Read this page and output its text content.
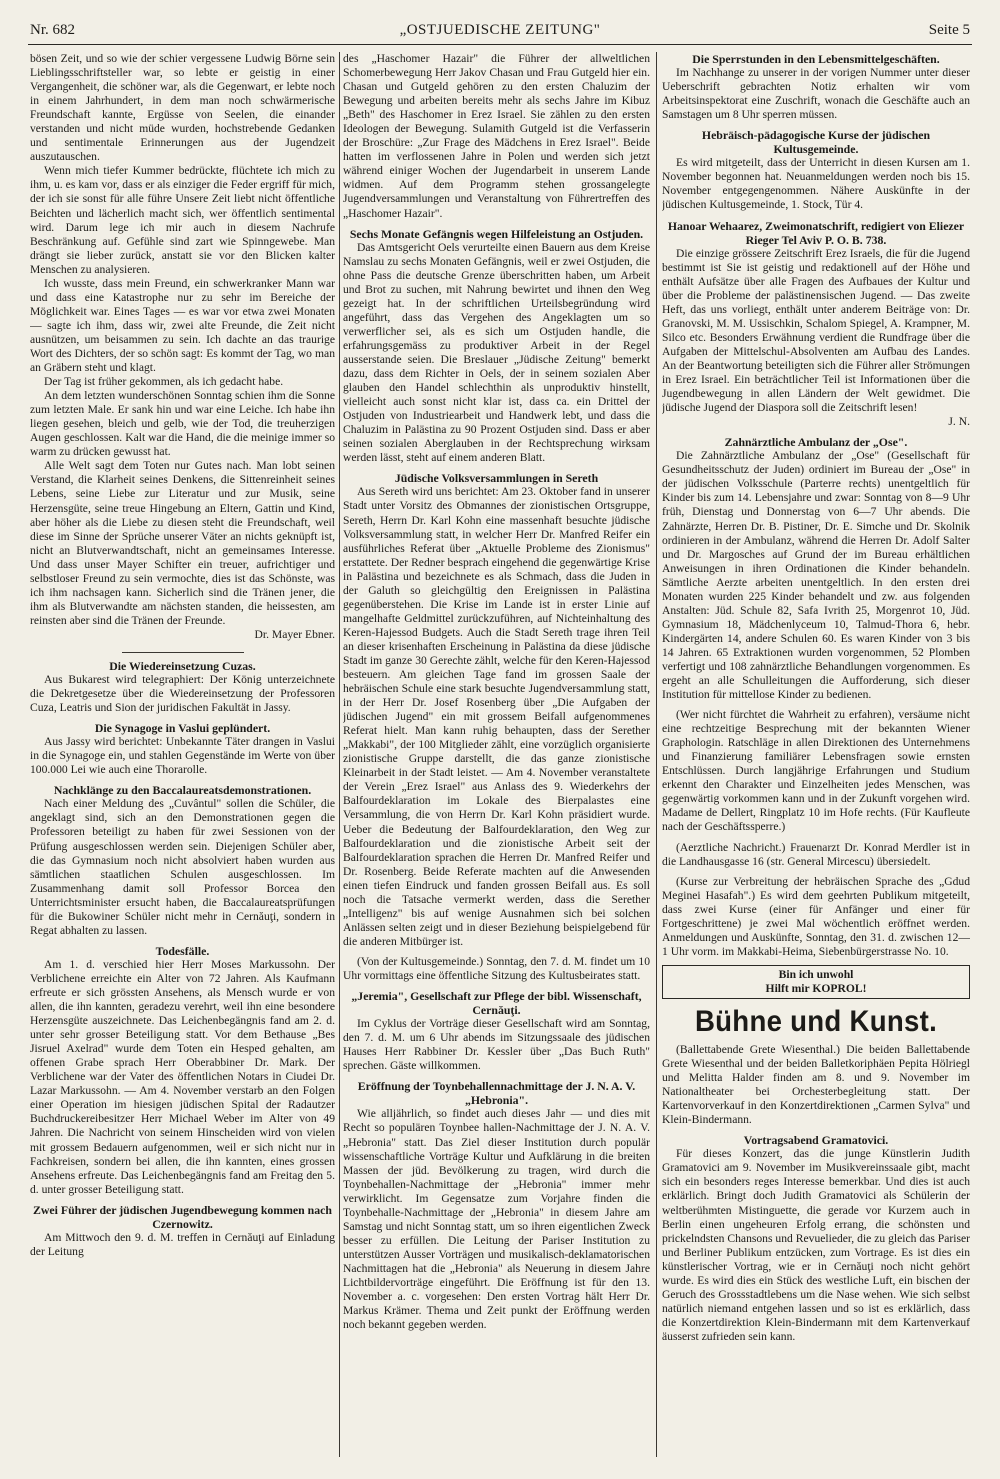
Nr. 682	„OSTJUEDISCHE ZEITUNG"	Seite 5

bösen Zeit, und so wie der schier vergessene Ludwig Börne sein Lieblingsschriftsteller war, so lebte er geistig in einer Vergangenheit, die schöner war, als die Gegenwart, er lebte noch in einem Jahrhundert, in dem man noch schwärmerische Freundschaft kannte, Ergüsse von Seelen, die einander verstanden und nicht müde wurden, hochstrebende Gedanken und sentimentale Erinnerungen aus der Jugendzeit auszutauschen.

Wenn mich tiefer Kummer bedrückte, flüchtete ich mich zu ihm, u. es kam vor, dass er als einziger die Feder ergriff für mich, der ich sie sonst für alle führe Unsere Zeit liebt nicht öffentliche Beichten und lächerlich macht sich, wer öffentlich sentimental wird. Darum lege ich mir auch in diesem Nachrufe Beschränkung auf. Gefühle sind zart wie Spinngewebe. Man drängt sie lieber zurück, anstatt sie vor den Blicken kalter Menschen zu analysieren.

Ich wusste, dass mein Freund, ein schwerkranker Mann war und dass eine Katastrophe nur zu sehr im Bereiche der Möglichkeit war. Eines Tages — es war vor etwa zwei Monaten — sagte ich ihm, dass wir, zwei alte Freunde, die Zeit nicht ausnützen, um beisammen zu sein. Ich dachte an das traurige Wort des Dichters, der so schön sagt: Es kommt der Tag, wo man an Gräbern steht und klagt.

Der Tag ist früher gekommen, als ich gedacht habe.

An dem letzten wunderschönen Sonntag schien ihm die Sonne zum letzten Male. Er sank hin und war eine Leiche. Ich habe ihn liegen gesehen, bleich und gelb, wie der Tod, die treuherzigen Augen geschlossen. Kalt war die Hand, die die meinige immer so warm zu drücken gewusst hat.

Alle Welt sagt dem Toten nur Gutes nach. Man lobt seinen Verstand, die Klarheit seines Denkens, die Sittenreinheit seines Lebens, seine Liebe zur Literatur und zur Musik, seine Herzensgüte, seine treue Hingebung an Eltern, Gattin und Kind, aber höher als die Liebe zu diesen steht die Freundschaft, weil diese im Sinne der Sprüche unserer Väter an nichts geknüpft ist, nicht an Blutverwandtschaft, nicht an gemeinsames Interesse. Und dass unser Mayer Schifter ein treuer, aufrichtiger und selbstloser Freund zu sein vermochte, dies ist das Schönste, was ich ihm nachsagen kann. Sicherlich sind die Tränen jener, die ihm als Blutverwandte am nächsten standen, die heissesten, am reinsten aber sind die Tränen der Freunde.

Dr. Mayer Ebner.

Die Wiedereinsetzung Cuzas.

Aus Bukarest wird telegraphiert: Der König unterzeichnete die Dekretgesetze über die Wiedereinsetzung der Professoren Cuza, Leatris und Sion der juridischen Fakultät in Jassy.

Die Synagoge in Vaslui geplündert.

Aus Jassy wird berichtet: Unbekannte Täter drangen in Vaslui in die Synagoge ein, und stahlen Gegenstände im Werte von über 100.000 Lei wie auch eine Thorarolle.

Nachklänge zu den Baccalaureatsdemonstrationen.

Nach einer Meldung des „Cuvântul" sollen die Schüler, die angeklagt sind, sich an den Demonstrationen gegen die Professoren beteiligt zu haben für zwei Sessionen von der Prüfung ausgeschlossen werden sein. Diejenigen Schüler aber, die das Gymnasium noch nicht absolviert haben wurden aus sämtlichen staatlichen Schulen ausgeschlossen. Im Zusammenhang damit soll Professor Borcea den Unterrichtsminister ersucht haben, die Baccalaureatsprüfungen für die Bukowiner Schüler nicht mehr in Cernăuţi, sondern in Regat abhalten zu lassen.

Todesfälle.

Am 1. d. verschied hier Herr Moses Markussohn. Der Verblichene erreichte ein Alter von 72 Jahren. Als Kaufmann erfreute er sich grössten Ansehens, als Mensch wurde er von allen, die ihn kannten, geradezu verehrt, weil ihn eine besondere Herzensgüte auszeichnete. Das Leichenbegängnis fand am 2. d. unter sehr grosser Beteiligung statt. Vor dem Bethause „Bes Jisruel Axelrad" wurde dem Toten ein Hesped gehalten, am offenen Grabe sprach Herr Oberabbiner Dr. Mark. Der Verblichene war der Vater des öffentlichen Notars in Ciudei Dr. Lazar Markussohn. — Am 4. November verstarb an den Folgen einer Operation im hiesigen jüdischen Spital der Radautzer Buchdruckereibesitzer Herr Michael Weber im Alter von 49 Jahren. Die Nachricht von seinem Hinscheiden wird von vielen mit grossem Bedauern aufgenommen, weil er sich nicht nur in Fachkreisen, sondern bei allen, die ihn kannten, eines grossen Ansehens erfreute. Das Leichenbegängnis fand am Freitag den 5. d. unter grosser Beteiligung statt.

Zwei Führer der jüdischen Jugendbewegung kommen nach Czernowitz.

Am Mittwoch den 9. d. M. treffen in Cernăuţi auf Einladung der Leitung

des „Haschomer Hazair" die Führer der allweltlichen Schomerbewegung Herr Jakov Chasan und Frau Gutgeld hier ein. Chasan und Gutgeld gehören zu den ersten Chaluzim der Bewegung und arbeiten bereits mehr als sechs Jahre im Kibuz „Beth" des Haschomer in Erez Israel. Sie zählen zu den ersten Ideologen der Bewegung. Sulamith Gutgeld ist die Verfasserin der Broschüre: „Zur Frage des Mädchens in Erez Israel". Beide hatten im verflossenen Jahre in Polen und werden sich jetzt während einiger Wochen der Jugendarbeit in unserem Lande widmen. Auf dem Programm stehen grossangelegte Jugendversammlungen und Veranstaltung von Führertreffen des „Haschomer Hazair".

Sechs Monate Gefängnis wegen Hilfeleistung an Ostjuden.

Das Amtsgericht Oels verurteilte einen Bauern aus dem Kreise Namslau zu sechs Monaten Gefängnis, weil er zwei Ostjuden, die ohne Pass die deutsche Grenze überschritten haben, um Arbeit und Brot zu suchen, mit Nahrung bewirtet und ihnen den Weg gezeigt hat. In der schriftlichen Urteilsbegründung wird angeführt, dass das Vergehen des Angeklagten um so verwerflicher sei, als es sich um Ostjuden handle, die erfahrungsgemäss zu produktiver Arbeit in der Regel ausserstande seien. Die Breslauer „Jüdische Zeitung" bemerkt dazu, dass dem Richter in Oels, der in seinem sozialen Aber glauben den Handel schlechthin als unproduktiv hinstellt, vielleicht auch sonst nicht klar ist, dass ca. ein Drittel der Ostjuden von Industriearbeit und Handwerk lebt, und dass die Chaluzim in Palästina zu 90 Prozent Ostjuden sind. Dass er aber seinen sozialen Aberglauben in der Rechtsprechung wirksam werden lässt, steht auf einem anderen Blatt.

Jüdische Volksversammlungen in Sereth

Aus Sereth wird uns berichtet: Am 23. Oktober fand in unserer Stadt unter Vorsitz des Obmannes der zionistischen Ortsgruppe, Sereth, Herrn Dr. Karl Kohn eine massenhaft besuchte jüdische Volksversammlung statt, in welcher Herr Dr. Manfred Reifer ein ausführliches Referat über „Aktuelle Probleme des Zionismus" erstattete. Der Redner besprach eingehend die gegenwärtige Krise in Palästina und bezeichnete es als Schmach, dass die Juden in der Galuth so gleichgültig den Ereignissen in Palästina gegenüberstehen. Die Krise im Lande ist in erster Linie auf mangelhafte Geldmittel zurückzuführen, auf Nichteinhaltung des Keren-Hajessod Budgets. Auch die Stadt Sereth trage ihren Teil an dieser krisenhaften Erscheinung in Palästina da diese jüdische Stadt im ganze 30 Gerechte zählt, welche für den Keren-Hajessod besteuern. Am gleichen Tage fand im grossen Saale der hebräischen Schule eine stark besuchte Jugendversammlung statt, in der Herr Dr. Josef Rosenberg über „Die Aufgaben der jüdischen Jugend" ein mit grossem Beifall aufgenommenes Referat hielt. Man kann ruhig behaupten, dass der Serether „Makkabi", der 100 Mitglieder zählt, eine vorzüglich organisierte zionistische Gruppe darstellt, die das ganze zionistische Kleinarbeit in der Stadt leistet. — Am 4. November veranstaltete der Verein „Erez Israel" aus Anlass des 9. Wiederkehrs der Balfourdeklaration im Lokale des Bierpalastes eine Versammlung, die von Herrn Dr. Karl Kohn präsidiert wurde. Ueber die Bedeutung der Balfourdeklaration, den Weg zur Balfourdeklaration und die zionistische Arbeit seit der Balfourdeklaration sprachen die Herren Dr. Manfred Reifer und Dr. Rosenberg. Beide Referate machten auf die Anwesenden einen tiefen Eindruck und fanden grossen Beifall aus. Es soll noch die Tatsache vermerkt werden, dass die Serether „Intelligenz" bis auf wenige Ausnahmen sich bei solchen Anlässen selten zeigt und in dieser Beziehung beispielgebend für die anderen Mitbürger ist.

(Von der Kultusgemeinde.) Sonntag, den 7. d. M. findet um 10 Uhr vormittags eine öffentliche Sitzung des Kultusbeirates statt.

„Jeremia", Gesellschaft zur Pflege der bibl. Wissenschaft, Cernăuţi.

Im Cyklus der Vorträge dieser Gesellschaft wird am Sonntag, den 7. d. M. um 6 Uhr abends im Sitzungssaale des jüdischen Hauses Herr Rabbiner Dr. Kessler über „Das Buch Ruth" sprechen. Gäste willkommen.

Eröffnung der Toynbehallennachmittage der J. N. A. V. „Hebronia".

Wie alljährlich, so findet auch dieses Jahr — und dies mit Recht so populären Toynbee hallen-Nachmittage der J. N. A. V. „Hebronia" statt. Das Ziel dieser Institution durch populär wissenschaftliche Vorträge Kultur und Aufklärung in die breiten Massen der jüd. Bevölkerung zu tragen, wird durch die Toynbehallen-Nachmittage der „Hebronia" immer mehr verwirklicht. Im Gegensatze zum Vorjahre finden die Toynbehalle-Nachmittage der „Hebronia" in diesem Jahre am Samstag und nicht Sonntag statt, um so ihren eigentlichen Zweck besser zu erfüllen. Die Leitung der Pariser Institution zu unterstützen Ausser Vorträgen und musikalisch-deklamatorischen Nachmittagen hat die „Hebronia" als Neuerung in diesem Jahre Lichtbildervorträge eingeführt. Die Eröffnung ist für den 13. November a. c. vorgesehen: Den ersten Vortrag hält Herr Dr. Markus Krämer. Thema und Zeit punkt der Eröffnung werden noch bekannt gegeben werden.

Die Sperrstunden in den Lebensmittelgeschäften.

Im Nachhange zu unserer in der vorigen Nummer unter dieser Ueberschrift gebrachten Notiz erhalten wir vom Arbeitsinspektorat eine Zuschrift, wonach die Geschäfte auch an Samstagen um 8 Uhr sperren müssen.

Hebräisch-pädagogische Kurse der jüdischen Kultusgemeinde.

Es wird mitgeteilt, dass der Unterricht in diesen Kursen am 1. November begonnen hat. Neuanmeldungen werden noch bis 15. November entgegengenommen. Nähere Auskünfte in der jüdischen Kultusgemeinde, 1. Stock, Tür 4.

Hanoar Wehaarez, Zweimonatschrift, redigiert von Eliezer Rieger Tel Aviv P. O. B. 738.

Die einzige grössere Zeitschrift Erez Israels, die für die Jugend bestimmt ist Sie ist geistig und redaktionell auf der Höhe und enthält Aufsätze über alle Fragen des Aufbaues der Kultur und über die Probleme der palästinensischen Jugend. — Das zweite Heft, das uns vorliegt, enthält unter anderem Beiträge von: Dr. Granovski, M. M. Ussischkin, Schalom Spiegel, A. Krampner, M. Silco etc. Besonders Erwähnung verdient die Rundfrage über die Aufgaben der Mittelschul-Absolventen am Aufbau des Landes. An der Beantwortung beteiligten sich die Führer aller Strömungen in Erez Israel. Ein beträchtlicher Teil ist Informationen über die Jugendbewegung in allen Ländern der Welt gewidmet. Die jüdische Jugend der Diaspora soll die Zeitschrift lesen!

J. N.

Zahnärztliche Ambulanz der „Ose".

Die Zahnärztliche Ambulanz der „Ose" (Gesellschaft für Gesundheitsschutz der Juden) ordiniert im Bureau der „Ose" in der jüdischen Volksschule (Parterre rechts) unentgeltlich für Kinder bis zum 14. Lebensjahre und zwar: Sonntag von 8—9 Uhr früh, Dienstag und Donnerstag von 6—7 Uhr abends. Die Zahnärzte, Herren Dr. B. Pistiner, Dr. E. Simche und Dr. Skolnik ordinieren in der Ambulanz, während die Herren Dr. Adolf Salter und Dr. Margosches auf Grund der im Bureau erhältlichen Anweisungen in ihren Ordinationen die Kinder behandeln. Sämtliche Aerzte arbeiten unentgeltlich. In den ersten drei Monaten wurden 225 Kinder behandelt und zw. aus folgenden Anstalten: Jüd. Schule 82, Safa Ivrith 25, Morgenrot 10, Jüd. Gymnasium 18, Mädchenlyceum 10, Talmud-Thora 6, hebr. Kindergärten 14, andere Schulen 60. Es waren Kinder von 3 bis 14 Jahren. 65 Extraktionen wurden vorgenommen, 52 Plomben verfertigt und 108 zahnärztliche Behandlungen vorgenommen. Es ergeht an alle Schulleitungen die Aufforderung, sich dieser Institution für mittellose Kinder zu bedienen.

(Wer nicht fürchtet die Wahrheit zu erfahren), versäume nicht eine rechtzeitige Besprechung mit der bekannten Wiener Graphologin. Ratschläge in allen Direktionen des Unternehmens und Finanzierung familiärer Lebensfragen sowie ernsten Entschlüssen. Durch langjährige Erfahrungen und Studium erkennt den Charakter und Einzelheiten jedes Menschen, was gegenwärtig vorkommen kann und in der Zukunft vorgehen wird. Madame de Dellert, Ringplatz 10 im Hofe rechts. (Für Kaufleute nach der Geschäftssperre.)

(Aerztliche Nachricht.) Frauenarzt Dr. Konrad Merdler ist in die Landhausgasse 16 (str. General Mircescu) übersiedelt.

(Kurse zur Verbreitung der hebräischen Sprache des „Gdud Meginei Hasafah".) Es wird dem geehrten Publikum mitgeteilt, dass zwei Kurse (einer für Anfänger und einer für Fortgeschrittene) je zwei Mal wöchentlich eröffnet werden. Anmeldungen und Auskünfte, Sonntag, den 31. d. zwischen 12—1 Uhr vorm. im Makkabi-Heima, Siebenbürgerstrasse No. 10.

Bin ich unwohl

Hilft mir KOPROL!

Bühne und Kunst.

(Ballettabende Grete Wiesenthal.) Die beiden Ballettabende Grete Wiesenthal und der beiden Balletkoriphäen Pepita Hölriegl und Melitta Halder finden am 8. und 9. November im Nationaltheater bei Orchesterbegleitung statt. Der Kartenvorverkauf in den Konzertdirektionen „Carmen Sylva" und Klein-Bindermann.

Vortragsabend Gramatovici.

Für dieses Konzert, das die junge Künstlerin Judith Gramatovici am 9. November im Musikvereinssaale gibt, macht sich ein besonders reges Interesse bemerkbar. Und dies ist auch erklärlich. Bringt doch Judith Gramatovici als Schülerin der weltberühmten Mistinguette, die gerade vor Kurzem auch in Berlin einen ungeheuren Erfolg errang, die schönsten und prickelndsten Chansons und Revuelieder, die zu gleich das Pariser und Berliner Publikum entzücken, zum Vortrage. Es ist dies ein künstlerischer Vortrag, wie er in Cernăuţi noch nicht gehört wurde. Es wird dies ein Stück des westliche Luft, ein bischen der Geruch des Grossstadtlebens um die Nase wehen. Wie sich selbst natürlich niemand entgehen lassen und so ist es erklärlich, dass die Konzertdirektion Klein-Bindermann mit dem Kartenverkauf äusserst zufrieden sein kann.
